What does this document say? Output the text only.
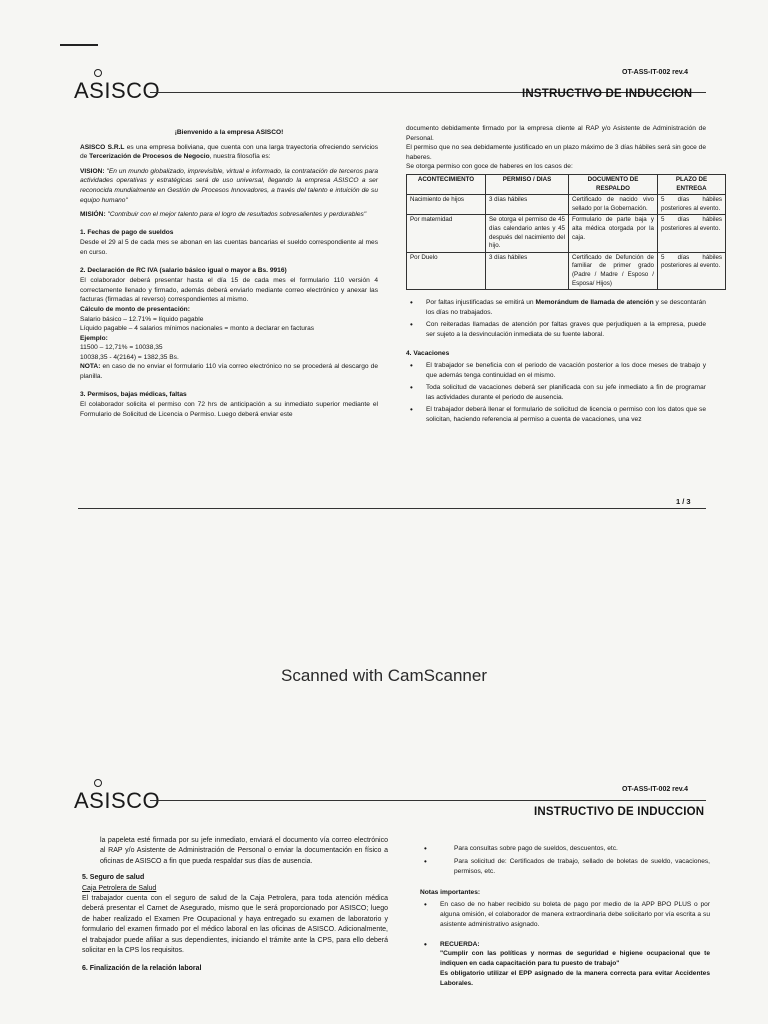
ASISCO
OT-ASS-IT-002 rev.4
INSTRUCTIVO DE INDUCCION

¡Bienvenido a la empresa ASISCO!

ASISCO S.R.L es una empresa boliviana, que cuenta con una larga trayectoria ofreciendo servicios de Tercerización de Procesos de Negocio, nuestra filosofía es:

VISION: "En un mundo globalizado, imprevisible, virtual e informado, la contratación de terceros para actividades operativas y estratégicas será de uso universal, llegando la empresa ASISCO a ser reconocida mundialmente en Gestión de Procesos Innovadores, a través del talento e intuición de su equipo humano"

MISIÓN: "Contribuir con el mejor talento para el logro de resultados sobresalientes y perdurables"

1. Fechas de pago de sueldos

Desde el 29 al 5 de cada mes se abonan en las cuentas bancarias el sueldo correspondiente al mes en curso.

2. Declaración de RC IVA (salario básico igual o mayor a Bs. 9916)

El colaborador deberá presentar hasta el día 15 de cada mes el formulario 110 versión 4 correctamente llenado y firmado, además deberá enviarlo mediante correo electrónico y anexar las facturas (firmadas al reverso) correspondientes al mismo.

Cálculo de monto de presentación:
Salario básico – 12.71% = líquido pagable
Líquido pagable – 4 salarios mínimos nacionales = monto a declarar en facturas
Ejemplo:
11500 – 12,71% = 10038,35
10038,35 - 4(2164) = 1382,35 Bs.

NOTA: en caso de no enviar el formulario 110 vía correo electrónico no se procederá al descargo de planilla.

3. Permisos, bajas médicas, faltas

El colaborador solicita el permiso con 72 hrs de anticipación a su inmediato superior mediante el Formulario de Solicitud de Licencia o Permiso. Luego deberá enviar este

documento debidamente firmado por la empresa cliente al RAP y/o Asistente de Administración de Personal.
El permiso que no sea debidamente justificado en un plazo máximo de 3 días hábiles será sin goce de haberes.
Se otorga permiso con goce de haberes en los casos de:
ACONTECIMIENTO	PERMISO / DIAS	DOCUMENTO DE RESPALDO	PLAZO DE ENTREGA
Nacimiento de hijos	3 días hábiles	Certificado de nacido vivo sellado por la Gobernación.	5 días hábiles posteriores al evento.
Por maternidad	Se otorga el permiso de 45 días calendario antes y 45 después del nacimiento del hijo.	Formulario de parte baja y alta médica otorgada por la caja.	5 días hábiles posteriores al evento.
Por Duelo	3 días hábiles	Certificado de Defunción de familiar de primer grado (Padre / Madre / Esposo / Esposa/ Hijos)	5 días hábiles posteriores al evento.
• Por faltas injustificadas se emitirá un Memorándum de llamada de atención y se descontarán los días no trabajados.
• Con reiteradas llamadas de atención por faltas graves que perjudiquen a la empresa, puede ser sujeto a la desvinculación inmediata de su fuente laboral.
4. Vacaciones
• El trabajador se beneficia con el periodo de vacación posterior a los doce meses de trabajo y que además tenga continuidad en el mismo.
• Toda solicitud de vacaciones deberá ser planificada con su jefe inmediato a fin de programar las actividades durante el periodo de ausencia.
• El trabajador deberá llenar el formulario de solicitud de licencia o permiso con los datos que se solicitan, haciendo referencia al permiso a cuenta de vacaciones, una vez
1 / 3
Scanned with CamScanner
ASISCO	OT-ASS-IT-002 rev.4
INSTRUCTIVO DE INDUCCION

la papeleta esté firmada por su jefe inmediato, enviará el documento vía correo electrónico al RAP y/o Asistente de Administración de Personal o enviar la documentación en físico a oficinas de ASISCO a fin que pueda respaldar sus días de ausencia.

5. Seguro de salud
Caja Petrolera de Salud

El trabajador cuenta con el seguro de salud de la Caja Petrolera, para toda atención médica deberá presentar el Carnet de Asegurado, mismo que le será proporcionado por ASISCO; luego de haber realizado el Examen Pre Ocupacional y haya entregado su examen de laboratorio y formulario del examen firmado por el médico laboral en las oficinas de ASISCO. Adicionalmente, el trabajador puede afiliar a sus dependientes, iniciando el trámite ante la CPS, para ello deberá solicitar en la CPS los requisitos.

6. Finalización de la relación laboral
• Para consultas sobre pago de sueldos, descuentos, etc.
• Para solicitud de: Certificados de trabajo, sellado de boletas de sueldo, vacaciones, permisos, etc.
Notas importantes:
• En caso de no haber recibido su boleta de pago por medio de la APP BPO PLUS o por alguna omisión, el colaborador de manera extraordinaria debe solicitarlo por vía escrita a su asistente administrativo asignado.
• RECUERDA:
"Cumplir con las políticas y normas de seguridad e higiene ocupacional que te indiquen en cada capacitación para tu puesto de trabajo"
Es obligatorio utilizar el EPP asignado de la manera correcta para evitar Accidentes Laborales.
